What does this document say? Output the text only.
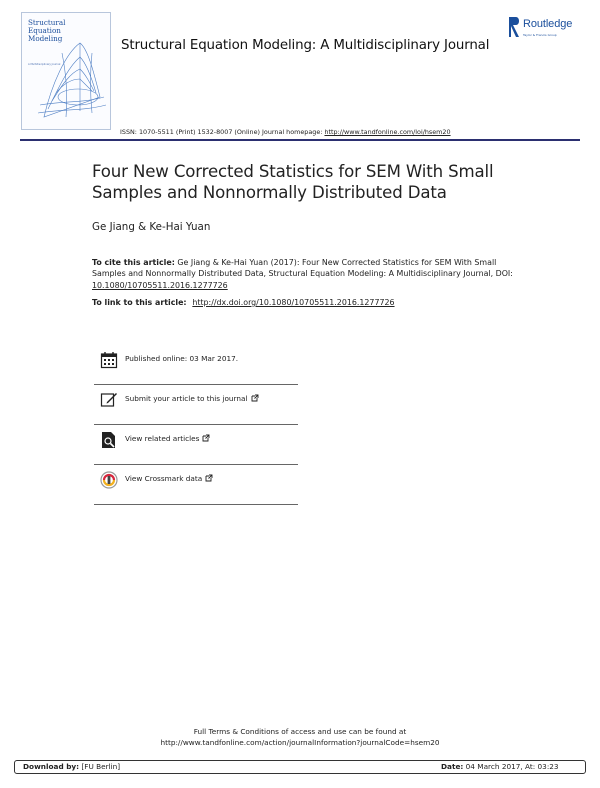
Structural
Equation
Modeling
A Multidisciplinary Journal
Routledge
Taylor & Francis Group
Structural Equation Modeling: A Multidisciplinary Journal
ISSN: 1070-5511 (Print) 1532-8007 (Online) Journal homepage: http://www.tandfonline.com/loi/hsem20
Four New Corrected Statistics for SEM With Small Samples and Nonnormally Distributed Data
Ge Jiang & Ke-Hai Yuan
To cite this article: Ge Jiang & Ke-Hai Yuan (2017): Four New Corrected Statistics for SEM With Small Samples and Nonnormally Distributed Data, Structural Equation Modeling: A Multidisciplinary Journal, DOI: 10.1080/10705511.2016.1277726
To link to this article: http://dx.doi.org/10.1080/10705511.2016.1277726
Published online: 03 Mar 2017.
Submit your article to this journal
View related articles
View Crossmark data
Full Terms & Conditions of access and use can be found at
http://www.tandfonline.com/action/journalInformation?journalCode=hsem20
Download by: [FU Berlin]	Date: 04 March 2017, At: 03:23
